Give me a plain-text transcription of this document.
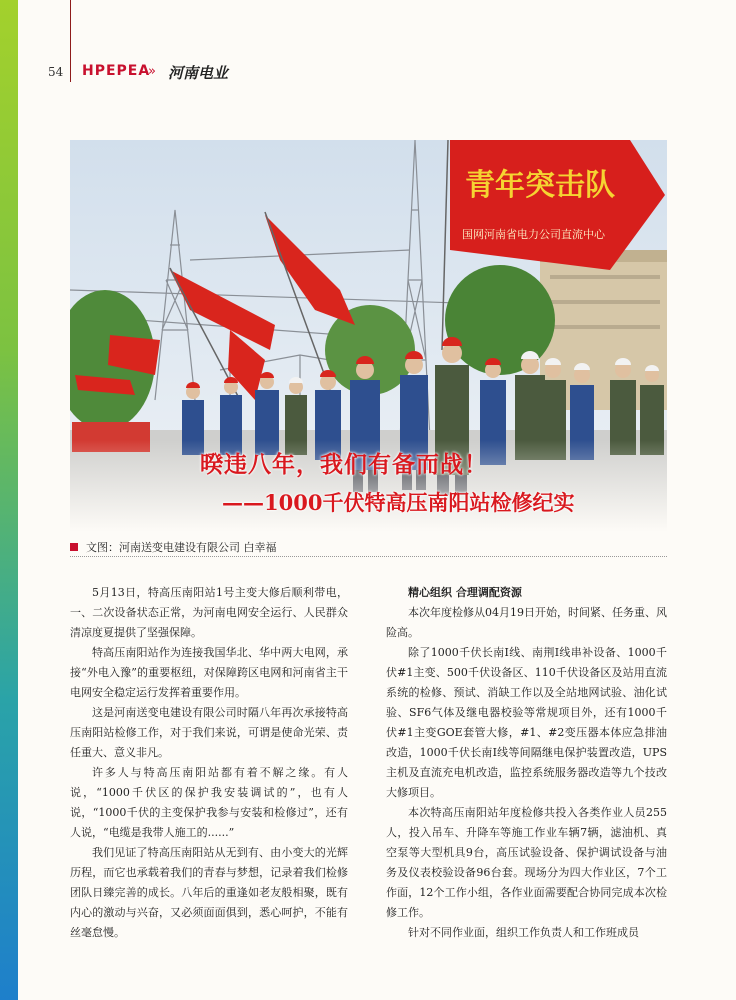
54 HPEPEA
» 河南电业
青年突击队
国网河南省电力公司直流中心
暌违八年，我们有备而战！
——1000千伏特高压南阳站检修纪实
文图：河南送变电建设有限公司 白幸福

5月13日，特高压南阳站1号主变大修后顺利带电，一、二次设备状态正常，为河南电网安全运行、人民群众清凉度夏提供了坚强保障。

特高压南阳站作为连接我国华北、华中两大电网，承接“外电入豫”的重要枢纽，对保障跨区电网和河南省主干电网安全稳定运行发挥着重要作用。

这是河南送变电建设有限公司时隔八年再次承接特高压南阳站检修工作，对于我们来说，可谓是使命光荣、责任重大、意义非凡。

许多人与特高压南阳站都有着不解之缘。有人说，“1000千伏区的保护我安装调试的”，也有人说，“1000千伏的主变保护我参与安装和检修过”，还有人说，“电缆是我带人施工的......”

我们见证了特高压南阳站从无到有、由小变大的光辉历程，而它也承载着我们的青春与梦想，记录着我们检修团队日臻完善的成长。八年后的重逢如老友般相聚，既有内心的激动与兴奋，又必须面面俱到，悉心呵护，不能有丝毫怠慢。

精心组织 合理调配资源

本次年度检修从04月19日开始，时间紧、任务重、风险高。

除了1000千伏长南I线、南荆I线串补设备、1000千伏#1主变、500千伏设备区、110千伏设备区及站用直流系统的检修、预试、消缺工作以及全站地网试验、油化试验、SF6气体及继电器校验等常规项目外，还有1000千伏#1主变GOE套管大修，#1、#2变压器本体应急排油改造，1000千伏长南I线等间隔继电保护装置改造，UPS主机及直流充电机改造，监控系统服务器改造等九个技改大修项目。

本次特高压南阳站年度检修共投入各类作业人员255人，投入吊车、升降车等施工作业车辆7辆，滤油机、真空泵等大型机具9台，高压试验设备、保护调试设备与油务及仪表校验设备96台套。现场分为四大作业区，7个工作面，12个工作小组，各作业面需要配合协同完成本次检修工作。

针对不同作业面，组织工作负责人和工作班成员
